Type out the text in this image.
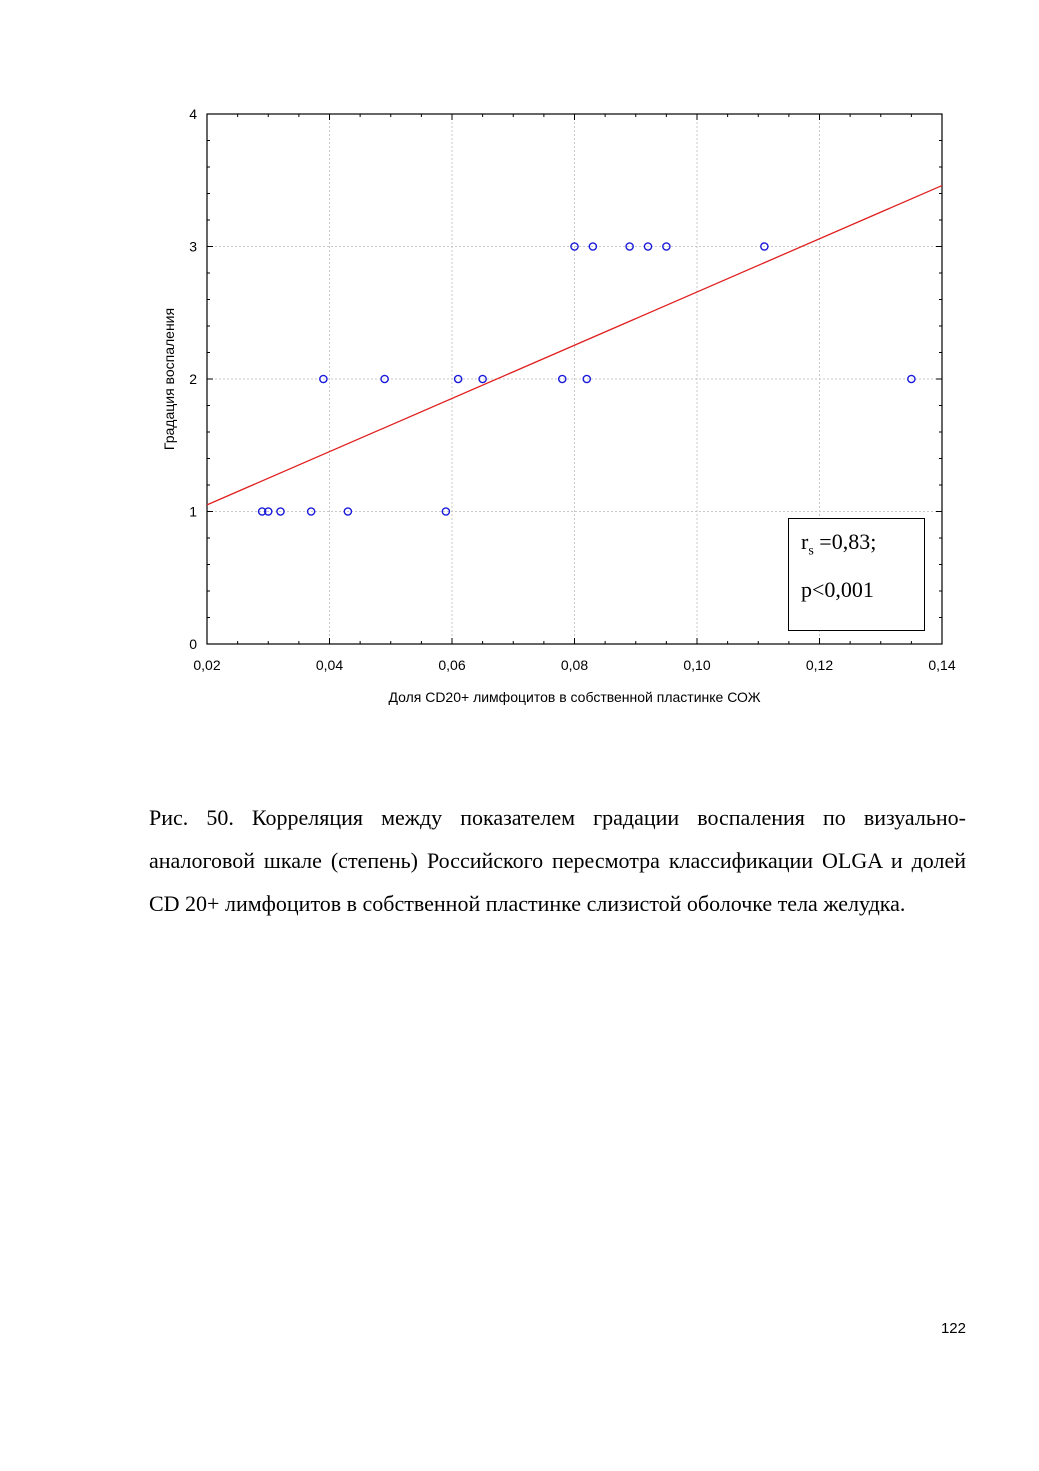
0,02	0,04	0,06	0,08	0,10	0,12	0,14
0
1
2
3
4
Доля CD20+ лимфоцитов в собственной пластинке СОЖ
Градация воспаления
$r_s =0,83$;
p<0,001

Рис. 50. Корреляция между показателем градации воспаления по визуально-аналоговой шкале (степень) Российского пересмотра классификации OLGA и долей CD 20+ лимфоцитов в собственной пластинке слизистой оболочке тела желудка.

122
